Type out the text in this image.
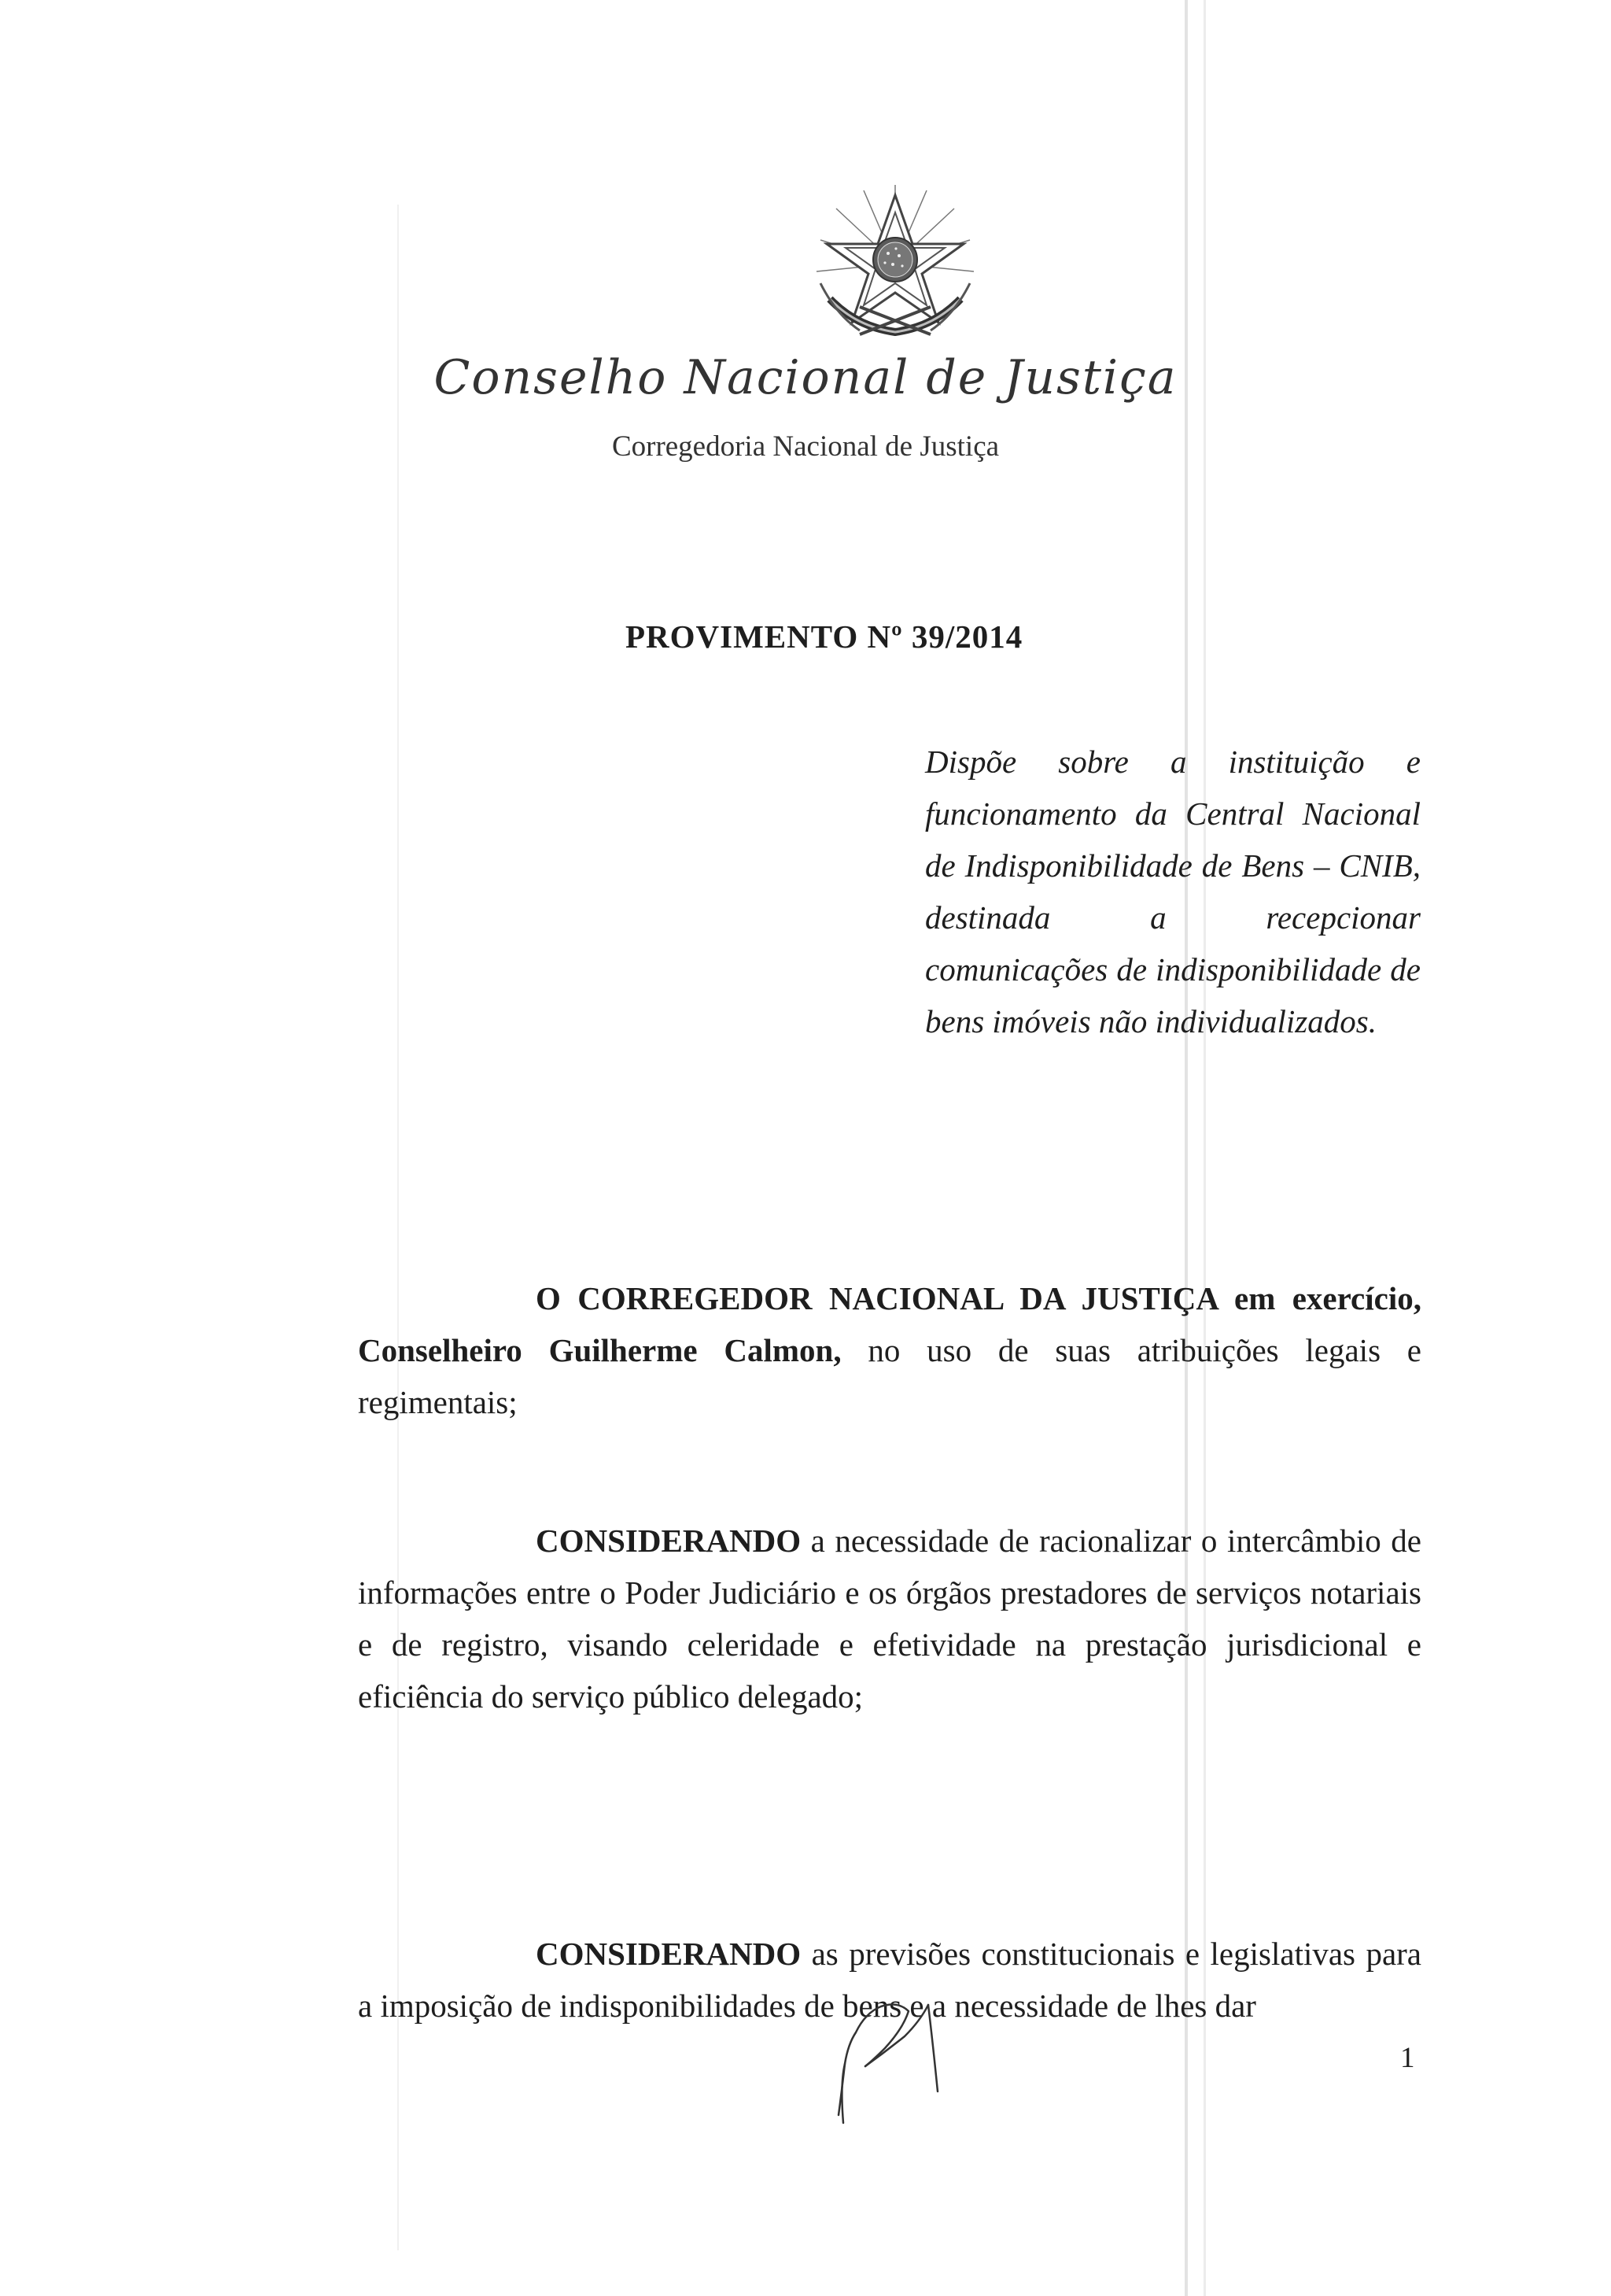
Conselho Nacional de Justiça
Corregedoria Nacional de Justiça
PROVIMENTO Nº 39/2014
Dispõe sobre a instituição e funcionamento da Central Nacional de Indisponibilidade de Bens – CNIB, destinada a recepcionar comunicações de indisponibilidade de bens imóveis não individualizados.
O CORREGEDOR NACIONAL DA JUSTIÇA em exercício, Conselheiro Guilherme Calmon, no uso de suas atribuições legais e regimentais;
CONSIDERANDO a necessidade de racionalizar o intercâmbio de informações entre o Poder Judiciário e os órgãos prestadores de serviços notariais e de registro, visando celeridade e efetividade na prestação jurisdicional e eficiência do serviço público delegado;
CONSIDERANDO as previsões constitucionais e legislativas para a imposição de indisponibilidades de bens e a necessidade de lhes dar
1
